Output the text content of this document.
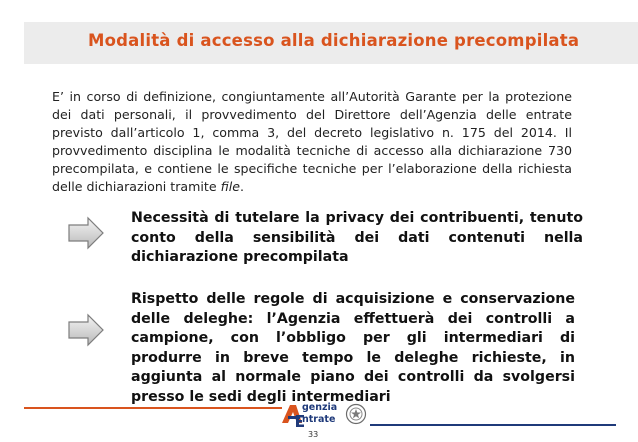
Modalità di accesso alla dichiarazione precompilata
E’ in corso di definizione, congiuntamente all’Autorità Garante per la protezione dei dati personali, il provvedimento del Direttore dell’Agenzia delle entrate previsto dall’articolo 1, comma 3, del decreto legislativo n. 175 del 2014. Il provvedimento disciplina le modalità tecniche di accesso alla dichiarazione 730 precompilata, e contiene le specifiche tecniche per l’elaborazione della richiesta delle dichiarazioni tramite file.
Necessità di tutelare la privacy dei contribuenti, tenuto conto della sensibilità dei dati contenuti nella dichiarazione precompilata
Rispetto delle regole di acquisizione e conservazione delle deleghe: l’Agenzia effettuerà dei controlli a campione, con l’obbligo per gli intermediari di produrre in breve tempo le deleghe richieste, in aggiunta al normale piano dei controlli da svolgersi presso le sedi degli intermediari
genzia
ntrate
33
